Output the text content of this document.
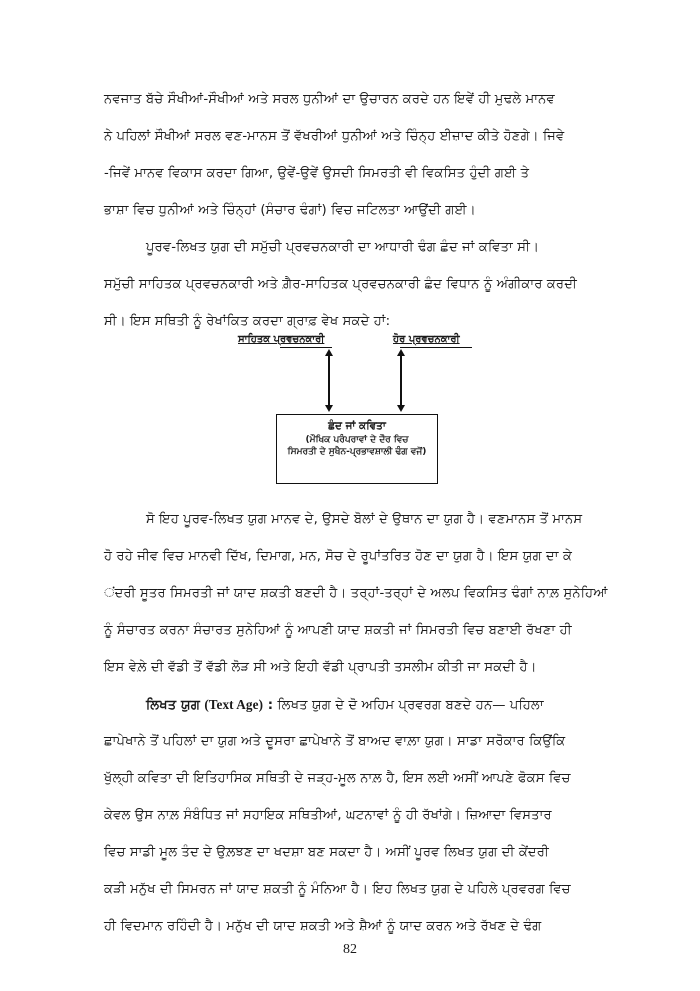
ਨਵਜਾਤ ਬੱਚੇ ਸੌਖੀਆਂ-ਸੌਖੀਆਂ ਅਤੇ ਸਰਲ ਧੁਨੀਆਂ ਦਾ ਉਚਾਰਨ ਕਰਦੇ ਹਨ ਇਵੇਂ ਹੀ ਮੁਢਲੇ ਮਾਨਵ
ਨੇ ਪਹਿਲਾਂ ਸੌਖੀਆਂ ਸਰਲ ਵਣ-ਮਾਨਸ ਤੋਂ ਵੱਖਰੀਆਂ ਧੁਨੀਆਂ ਅਤੇ ਚਿੰਨ੍ਹ ਈਜ਼ਾਦ ਕੀਤੇ ਹੋਣਗੇ। ਜਿਵੇ
-ਜਿਵੇਂ ਮਾਨਵ ਵਿਕਾਸ ਕਰਦਾ ਗਿਆ, ਉਵੇਂ-ਉਵੇਂ ਉਸਦੀ ਸਿਮਰਤੀ ਵੀ ਵਿਕਸਿਤ ਹੁੰਦੀ ਗਈ ਤੇ
ਭਾਸ਼ਾ ਵਿਚ ਧੁਨੀਆਂ ਅਤੇ ਚਿੰਨ੍ਹਾਂ (ਸੰਚਾਰ ਢੰਗਾਂ) ਵਿਚ ਜਟਿਲਤਾ ਆਉਂਦੀ ਗਈ।
ਪੂਰਵ-ਲਿਖਤ ਯੁਗ ਦੀ ਸਮੁੱਚੀ ਪ੍ਰਵਚਨਕਾਰੀ ਦਾ ਆਧਾਰੀ ਢੰਗ ਛੰਦ ਜਾਂ ਕਵਿਤਾ ਸੀ।
ਸਮੁੱਚੀ ਸਾਹਿਤਕ ਪ੍ਰਵਚਨਕਾਰੀ ਅਤੇ ਗ਼ੈਰ-ਸਾਹਿਤਕ ਪ੍ਰਵਚਨਕਾਰੀ ਛੰਦ ਵਿਧਾਨ ਨੂੰ ਅੰਗੀਕਾਰ ਕਰਦੀ
ਸੀ। ਇਸ ਸਥਿਤੀ ਨੂੰ ਰੇਖਾਂਕਿਤ ਕਰਦਾ ਗ੍ਰਾਫ਼ ਵੇਖ ਸਕਦੇ ਹਾਂ:
ਸਾਹਿਤਕ ਪ੍ਰਵਚਨਕਾਰੀ	ਹੋਰ ਪ੍ਰਵਚਨਕਾਰੀ
ਛੰਦ ਜਾਂ ਕਵਿਤਾ
(ਮੌਖਿਕ ਪਰੰਪਰਾਵਾਂ ਦੇ ਦੌਰ ਵਿਚ
ਸਿਮਰਤੀ ਦੇ ਸੁਖੈਨ-ਪ੍ਰਭਾਵਸ਼ਾਲੀ ਢੰਗ ਵਜੋਂ)
ਸੋ ਇਹ ਪੂਰਵ-ਲਿਖਤ ਯੁਗ ਮਾਨਵ ਦੇ, ਉਸਦੇ ਬੋਲਾਂ ਦੇ ਉਥਾਨ ਦਾ ਯੁਗ ਹੈ। ਵਣਮਾਨਸ ਤੋਂ ਮਾਨਸ
ਹੋ ਰਹੇ ਜੀਵ ਵਿਚ ਮਾਨਵੀ ਦਿੱਖ, ਦਿਮਾਗ, ਮਨ, ਸੋਚ ਦੇ ਰੂਪਾਂਤਰਿਤ ਹੋਣ ਦਾ ਯੁਗ ਹੈ। ਇਸ ਯੁਗ ਦਾ ਕੇ
ਂਦਰੀ ਸੂਤਰ ਸਿਮਰਤੀ ਜਾਂ ਯਾਦ ਸ਼ਕਤੀ ਬਣਦੀ ਹੈ। ਤਰ੍ਹਾਂ-ਤਰ੍ਹਾਂ ਦੇ ਅਲਪ ਵਿਕਸਿਤ ਢੰਗਾਂ ਨਾਲ਼ ਸੁਨੇਹਿਆਂ
ਨੂੰ ਸੰਚਾਰਤ ਕਰਨਾ ਸੰਚਾਰਤ ਸੁਨੇਹਿਆਂ ਨੂੰ ਆਪਣੀ ਯਾਦ ਸ਼ਕਤੀ ਜਾਂ ਸਿਮਰਤੀ ਵਿਚ ਬਣਾਈ ਰੱਖਣਾ ਹੀ
ਇਸ ਵੇਲ਼ੇ ਦੀ ਵੱਡੀ ਤੋਂ ਵੱਡੀ ਲੋੜ ਸੀ ਅਤੇ ਇਹੀ ਵੱਡੀ ਪ੍ਰਾਪਤੀ ਤਸਲੀਮ ਕੀਤੀ ਜਾ ਸਕਦੀ ਹੈ।
ਲਿਖਤ ਯੁਗ (Text Age) : ਲਿਖਤ ਯੁਗ ਦੇ ਦੋ ਅਹਿਮ ਪ੍ਰਵਰਗ ਬਣਦੇ ਹਨ— ਪਹਿਲਾ
ਛਾਪੇਖਾਨੇ ਤੋਂ ਪਹਿਲਾਂ ਦਾ ਯੁਗ ਅਤੇ ਦੂਸਰਾ ਛਾਪੇਖਾਨੇ ਤੋਂ ਬਾਅਦ ਵਾਲ਼ਾ ਯੁਗ। ਸਾਡਾ ਸਰੋਕਾਰ ਕਿਉਂਕਿ
ਖੁੱਲ੍ਹੀ ਕਵਿਤਾ ਦੀ ਇਤਿਹਾਸਿਕ ਸਥਿਤੀ ਦੇ ਜੜ੍ਹ-ਮੂਲ ਨਾਲ਼ ਹੈ, ਇਸ ਲਈ ਅਸੀਂ ਆਪਣੇ ਫੋਕਸ ਵਿਚ
ਕੇਵਲ ਉਸ ਨਾਲ਼ ਸੰਬੰਧਿਤ ਜਾਂ ਸਹਾਇਕ ਸਥਿਤੀਆਂ, ਘਟਨਾਵਾਂ ਨੂੰ ਹੀ ਰੱਖਾਂਗੇ। ਜ਼ਿਆਦਾ ਵਿਸਤਾਰ
ਵਿਚ ਸਾਡੀ ਮੂਲ ਤੰਦ ਦੇ ਉਲ਼ਝਣ ਦਾ ਖਦਸ਼ਾ ਬਣ ਸਕਦਾ ਹੈ। ਅਸੀਂ ਪੂਰਵ ਲਿਖਤ ਯੁਗ ਦੀ ਕੇਂਦਰੀ
ਕੜੀ ਮਨੁੱਖ ਦੀ ਸਿਮਰਨ ਜਾਂ ਯਾਦ ਸ਼ਕਤੀ ਨੂੰ ਮੰਨਿਆ ਹੈ। ਇਹ ਲਿਖਤ ਯੁਗ ਦੇ ਪਹਿਲੇ ਪ੍ਰਵਰਗ ਵਿਚ
ਹੀ ਵਿਦਮਾਨ ਰਹਿੰਦੀ ਹੈ। ਮਨੁੱਖ ਦੀ ਯਾਦ ਸ਼ਕਤੀ ਅਤੇ ਸ਼ੈਆਂ ਨੂੰ ਯਾਦ ਕਰਨ ਅਤੇ ਰੱਖਣ ਦੇ ਢੰਗ
82
